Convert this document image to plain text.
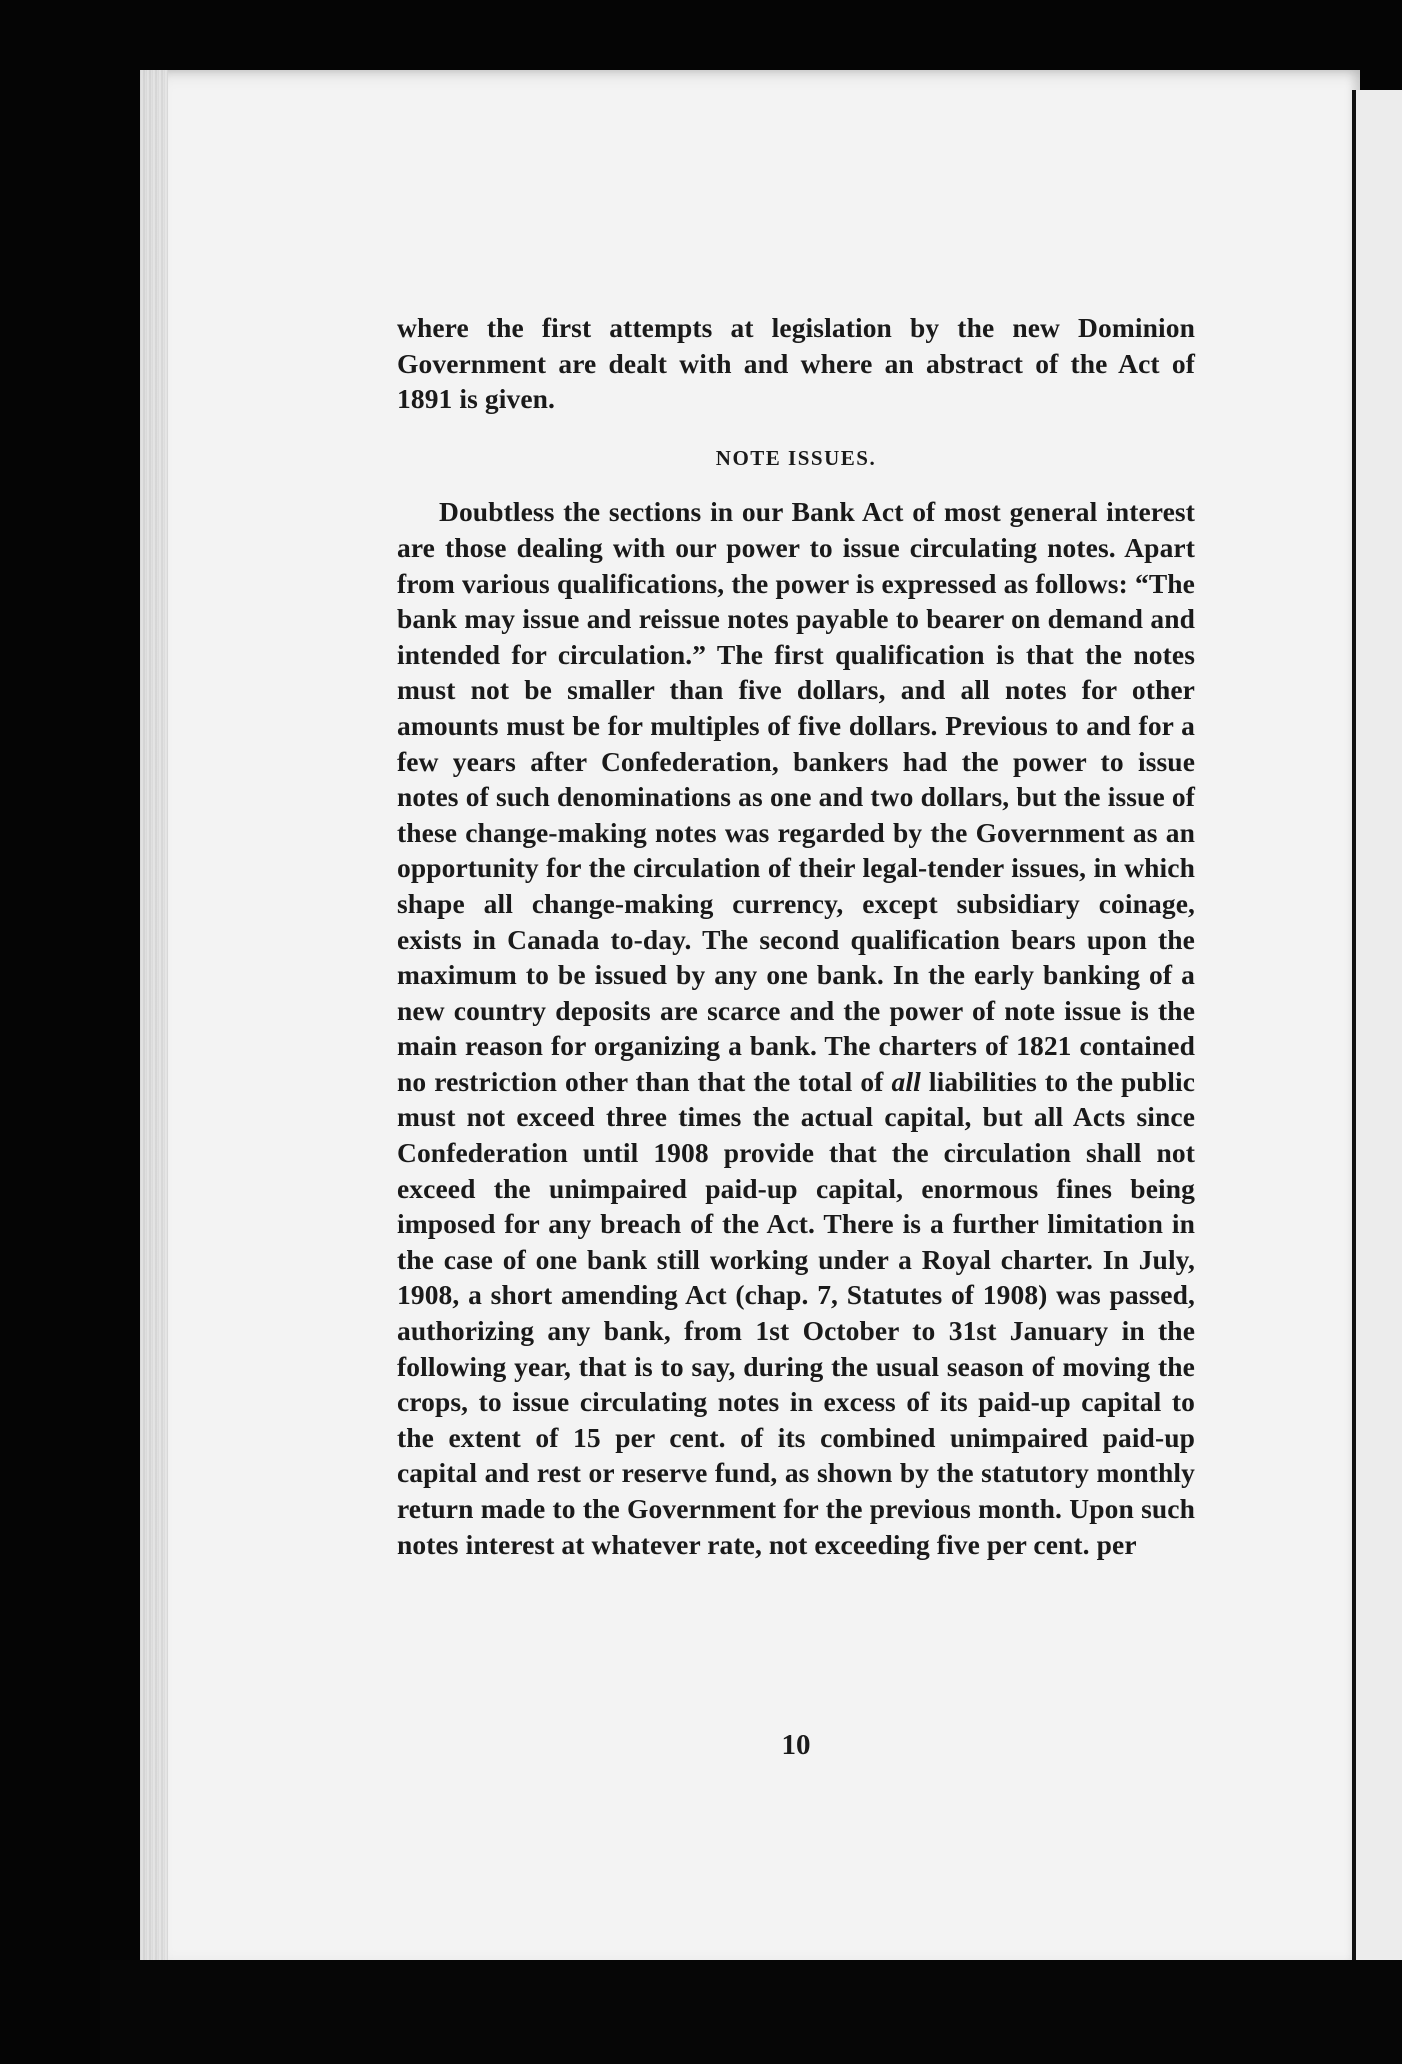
where the first attempts at legislation by the new Dominion Government are dealt with and where an abstract of the Act of 1891 is given.

NOTE ISSUES.

Doubtless the sections in our Bank Act of most general interest are those dealing with our power to issue circulating notes. Apart from various qualifications, the power is expressed as follows: “The bank may issue and reissue notes payable to bearer on demand and intended for circulation.” The first qualification is that the notes must not be smaller than five dollars, and all notes for other amounts must be for multiples of five dollars. Previous to and for a few years after Confederation, bankers had the power to issue notes of such denominations as one and two dollars, but the issue of these change-making notes was regarded by the Government as an opportunity for the circulation of their legal-tender issues, in which shape all change-making currency, except subsidiary coinage, exists in Canada to-day. The second qualification bears upon the maximum to be issued by any one bank. In the early banking of a new country deposits are scarce and the power of note issue is the main reason for organizing a bank. The charters of 1821 contained no restriction other than that the total of all liabilities to the public must not exceed three times the actual capital, but all Acts since Confederation until 1908 provide that the circulation shall not exceed the unimpaired paid-up capital, enormous fines being imposed for any breach of the Act. There is a further limitation in the case of one bank still working under a Royal charter. In July, 1908, a short amending Act (chap. 7, Statutes of 1908) was passed, authorizing any bank, from 1st October to 31st January in the following year, that is to say, during the usual season of moving the crops, to issue circulating notes in excess of its paid-up capital to the extent of 15 per cent. of its combined unimpaired paid-up capital and rest or reserve fund, as shown by the statutory monthly return made to the Government for the previous month. Upon such notes interest at whatever rate, not exceeding five per cent. per

10
